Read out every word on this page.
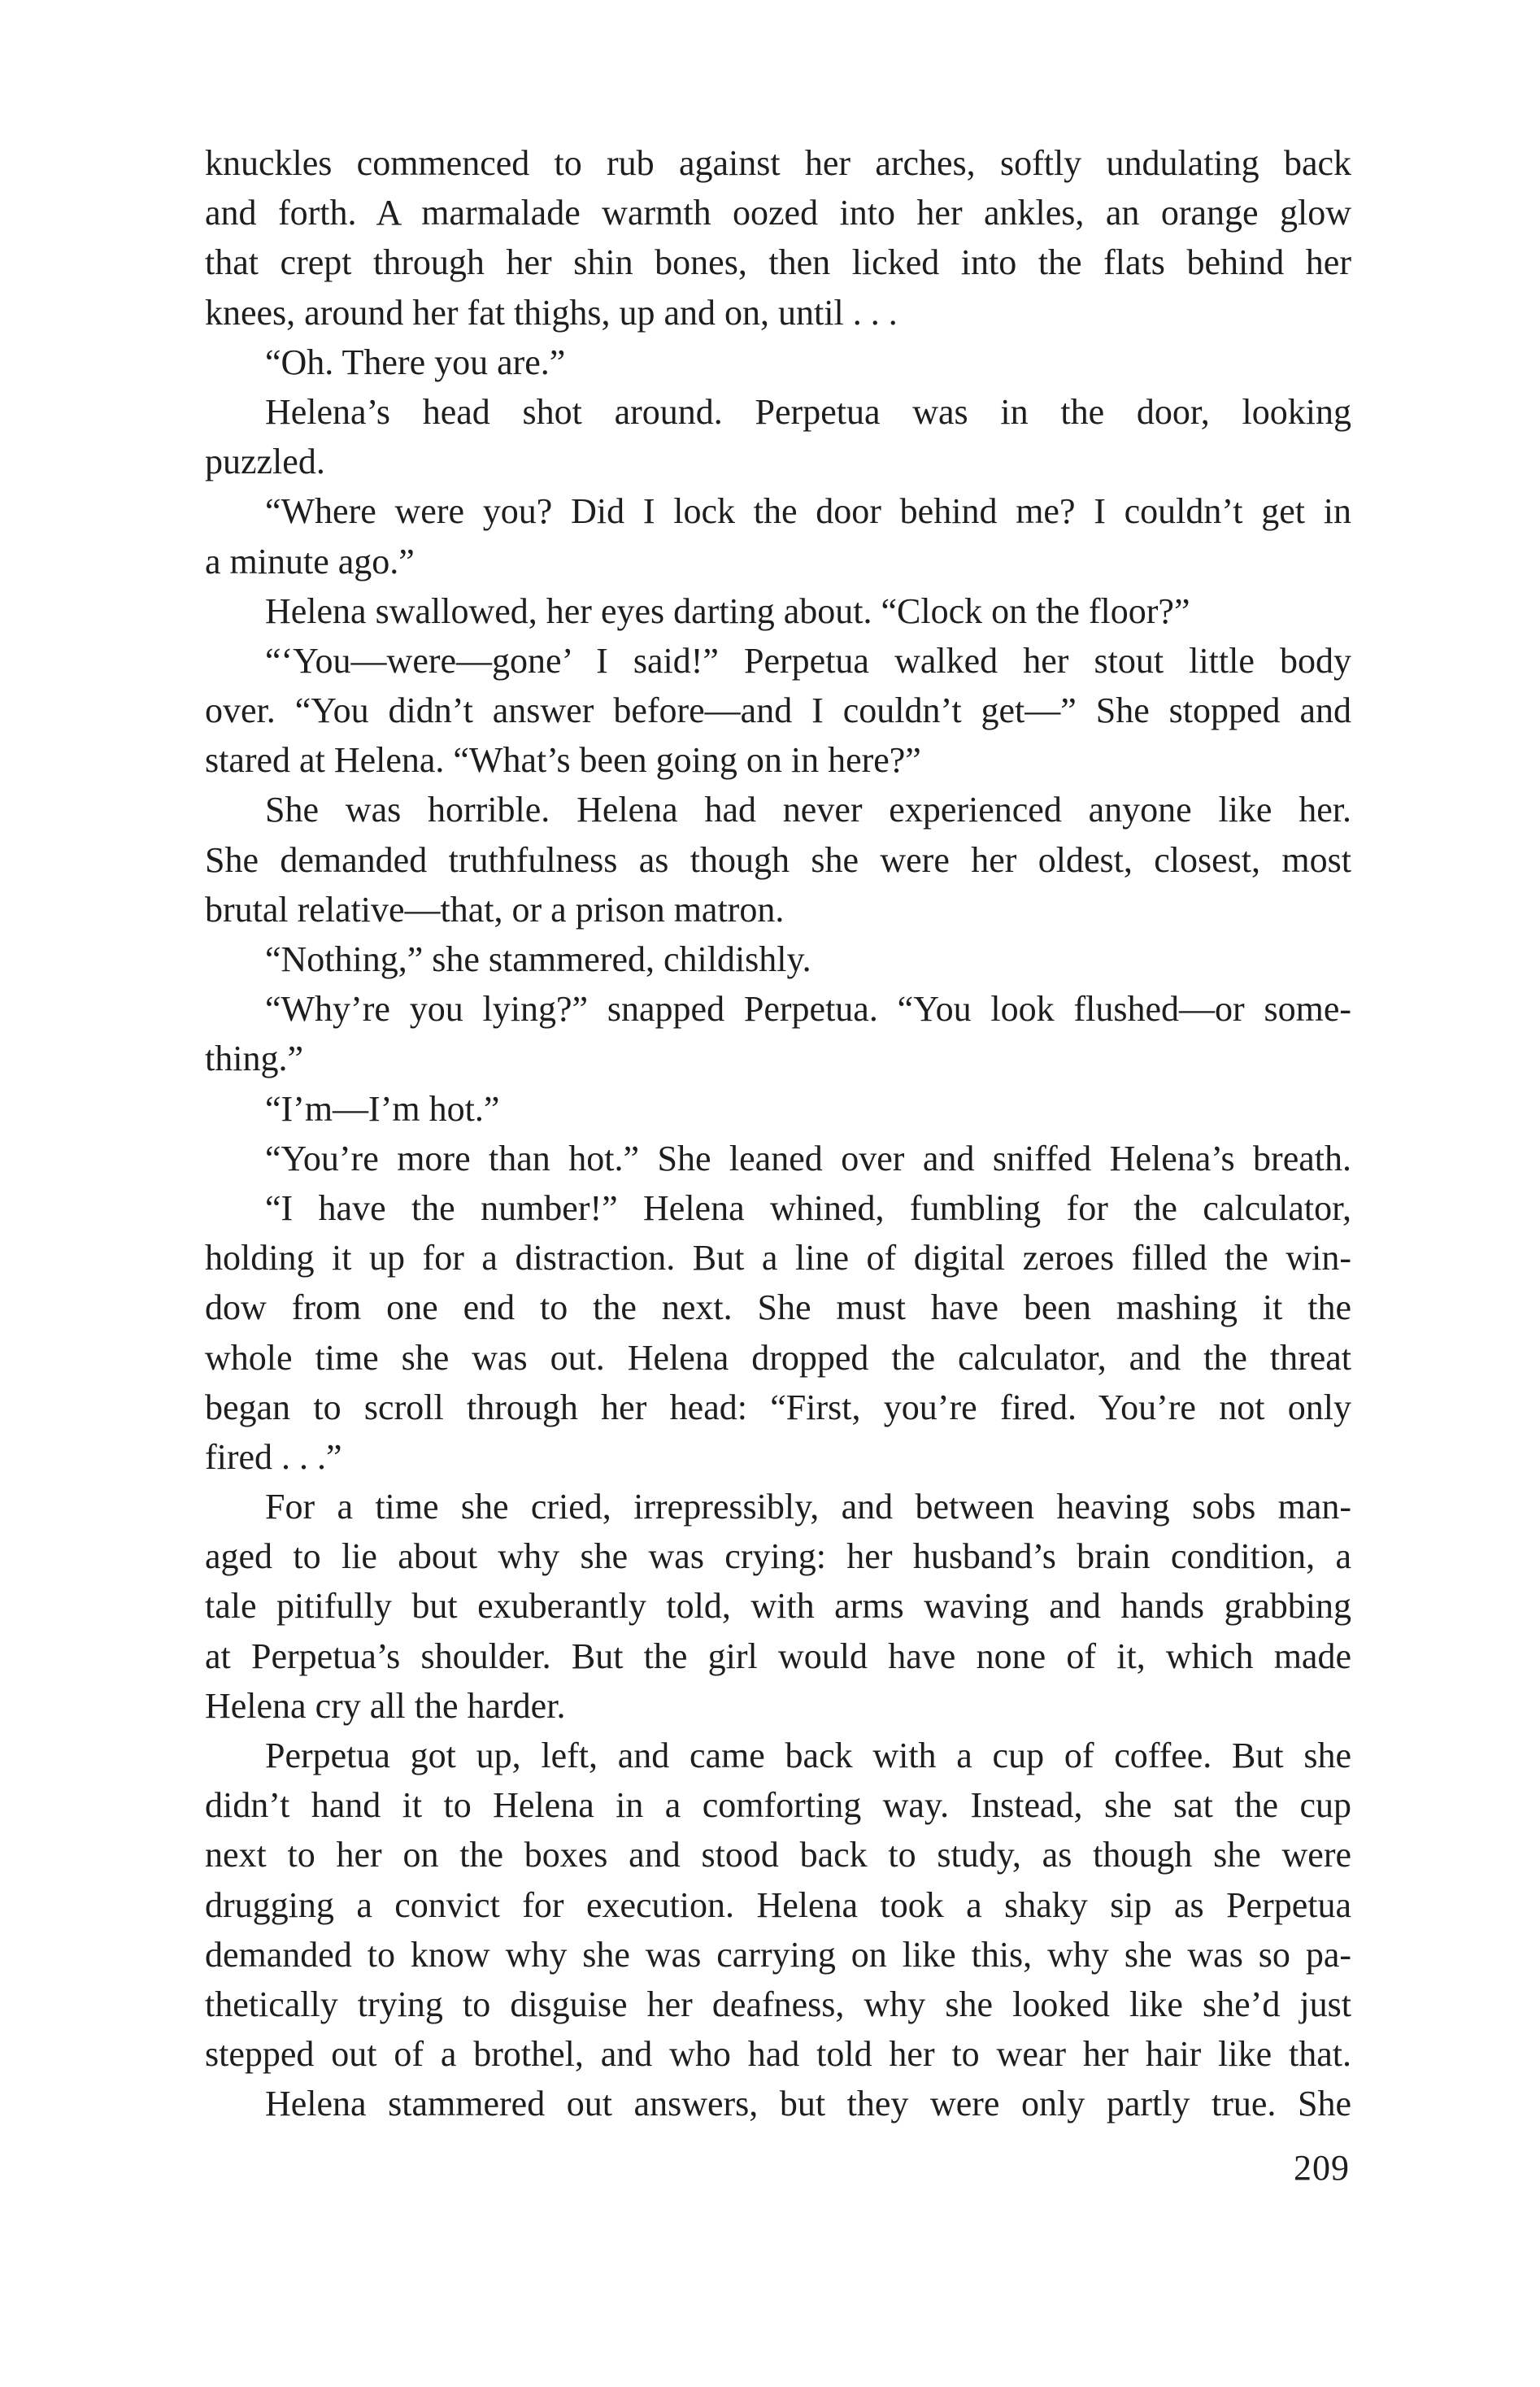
knuckles commenced to rub against her arches, softly undulating back
and forth. A marmalade warmth oozed into her ankles, an orange glow
that crept through her shin bones, then licked into the flats behind her
knees, around her fat thighs, up and on, until . . .
“Oh. There you are.”
Helena’s head shot around. Perpetua was in the door, looking
puzzled.
“Where were you? Did I lock the door behind me? I couldn’t get in
a minute ago.”
Helena swallowed, her eyes darting about. “Clock on the floor?”
“‘You—were—gone’ I said!” Perpetua walked her stout little body
over. “You didn’t answer before—and I couldn’t get—” She stopped and
stared at Helena. “What’s been going on in here?”
She was horrible. Helena had never experienced anyone like her.
She demanded truthfulness as though she were her oldest, closest, most
brutal relative—that, or a prison matron.
“Nothing,” she stammered, childishly.
“Why’re you lying?” snapped Perpetua. “You look flushed—or some-
thing.”
“I’m—I’m hot.”
“You’re more than hot.” She leaned over and sniffed Helena’s breath.
“I have the number!” Helena whined, fumbling for the calculator,
holding it up for a distraction. But a line of digital zeroes filled the win-
dow from one end to the next. She must have been mashing it the
whole time she was out. Helena dropped the calculator, and the threat
began to scroll through her head: “First, you’re fired. You’re not only
fired . . .”
For a time she cried, irrepressibly, and between heaving sobs man-
aged to lie about why she was crying: her husband’s brain condition, a
tale pitifully but exuberantly told, with arms waving and hands grabbing
at Perpetua’s shoulder. But the girl would have none of it, which made
Helena cry all the harder.
Perpetua got up, left, and came back with a cup of coffee. But she
didn’t hand it to Helena in a comforting way. Instead, she sat the cup
next to her on the boxes and stood back to study, as though she were
drugging a convict for execution. Helena took a shaky sip as Perpetua
demanded to know why she was carrying on like this, why she was so pa-
thetically trying to disguise her deafness, why she looked like she’d just
stepped out of a brothel, and who had told her to wear her hair like that.
Helena stammered out answers, but they were only partly true. She
209
